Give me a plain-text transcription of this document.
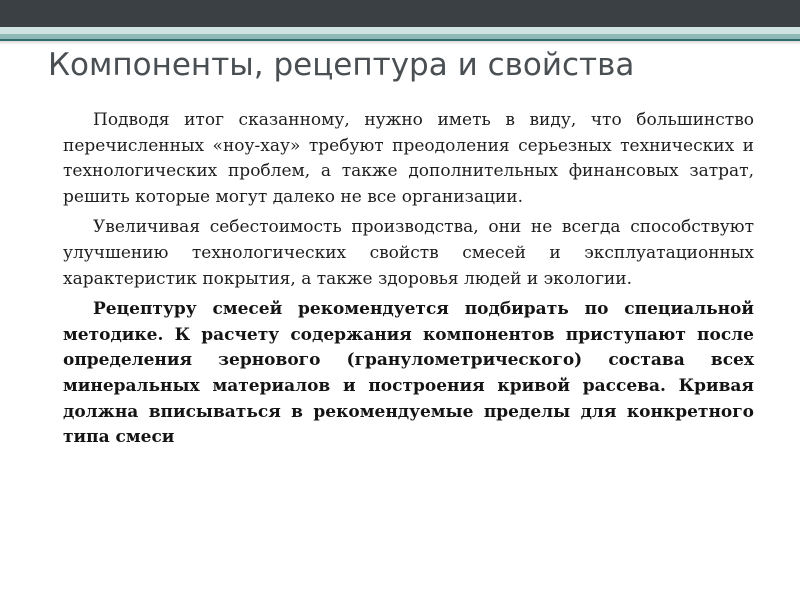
Компоненты, рецептура и свойства

Подводя итог сказанному, нужно иметь в виду, что большинство перечисленных «ноу-хау» требуют преодоления серьезных технических и технологических проблем, а также дополнительных финансовых затрат, решить которые могут далеко не все организации.

Увеличивая себестоимость производства, они не всегда способствуют улучшению технологических свойств смесей и эксплуатационных характеристик покрытия, а также здоровья людей и экологии.

Рецептуру смесей рекомендуется подбирать по специальной методике. К расчету содержания компонентов приступают после определения зернового (гранулометрического) состава всех минеральных материалов и построения кривой рассева. Кривая должна вписываться в рекомендуемые пределы для конкретного типа смеси
